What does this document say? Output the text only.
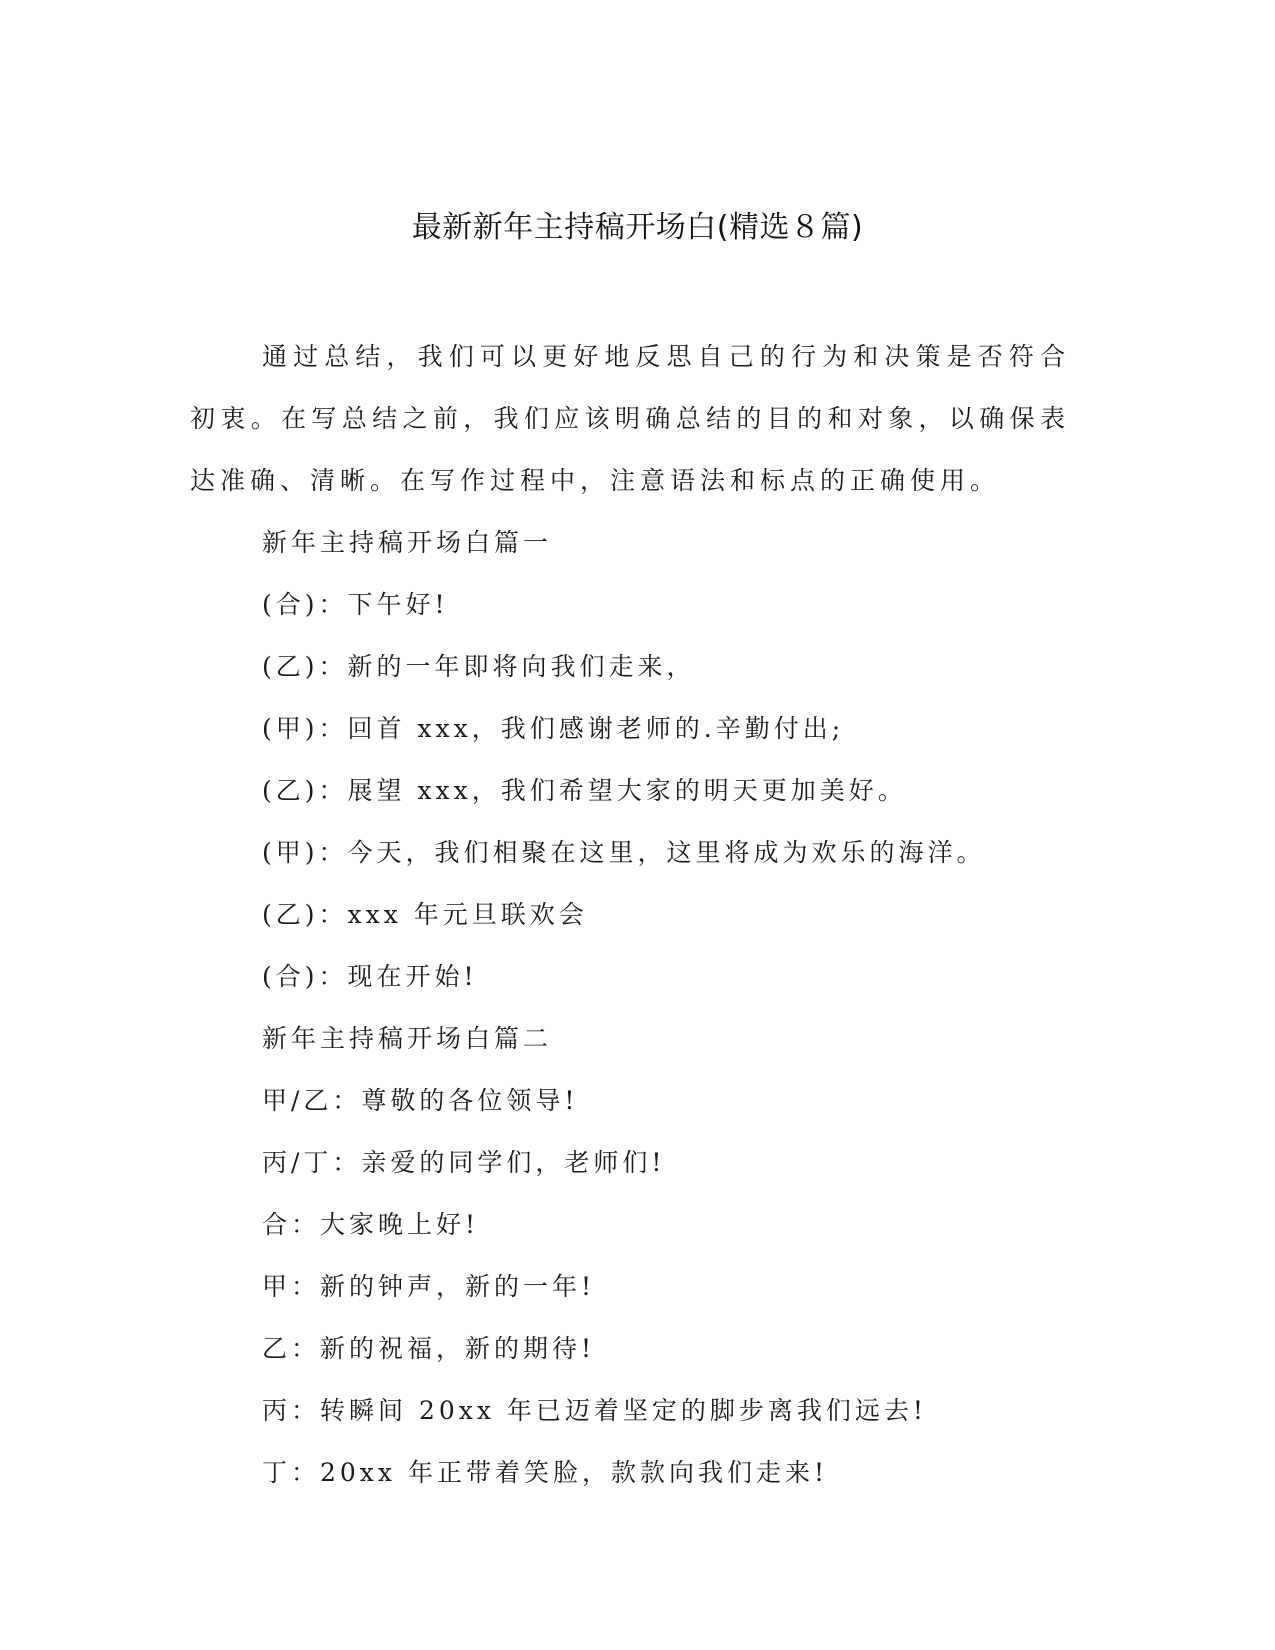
最新新年主持稿开场白(精选８篇)

通过总结，我们可以更好地反思自己的行为和决策是否符合初衷。在写总结之前，我们应该明确总结的目的和对象，以确保表达准确、清晰。在写作过程中，注意语法和标点的正确使用。

新年主持稿开场白篇一
(合)：下午好!
(乙)：新的一年即将向我们走来，
(甲)：回首 xxx，我们感谢老师的.辛勤付出;
(乙)：展望 xxx，我们希望大家的明天更加美好。
(甲)：今天，我们相聚在这里，这里将成为欢乐的海洋。
(乙)：xxx 年元旦联欢会
(合)：现在开始!
新年主持稿开场白篇二
甲/乙：尊敬的各位领导!
丙/丁：亲爱的同学们，老师们!
合：大家晚上好!
甲：新的钟声，新的一年!
乙：新的祝福，新的期待!
丙：转瞬间 20xx 年已迈着坚定的脚步离我们远去!
丁：20xx 年正带着笑脸，款款向我们走来!
